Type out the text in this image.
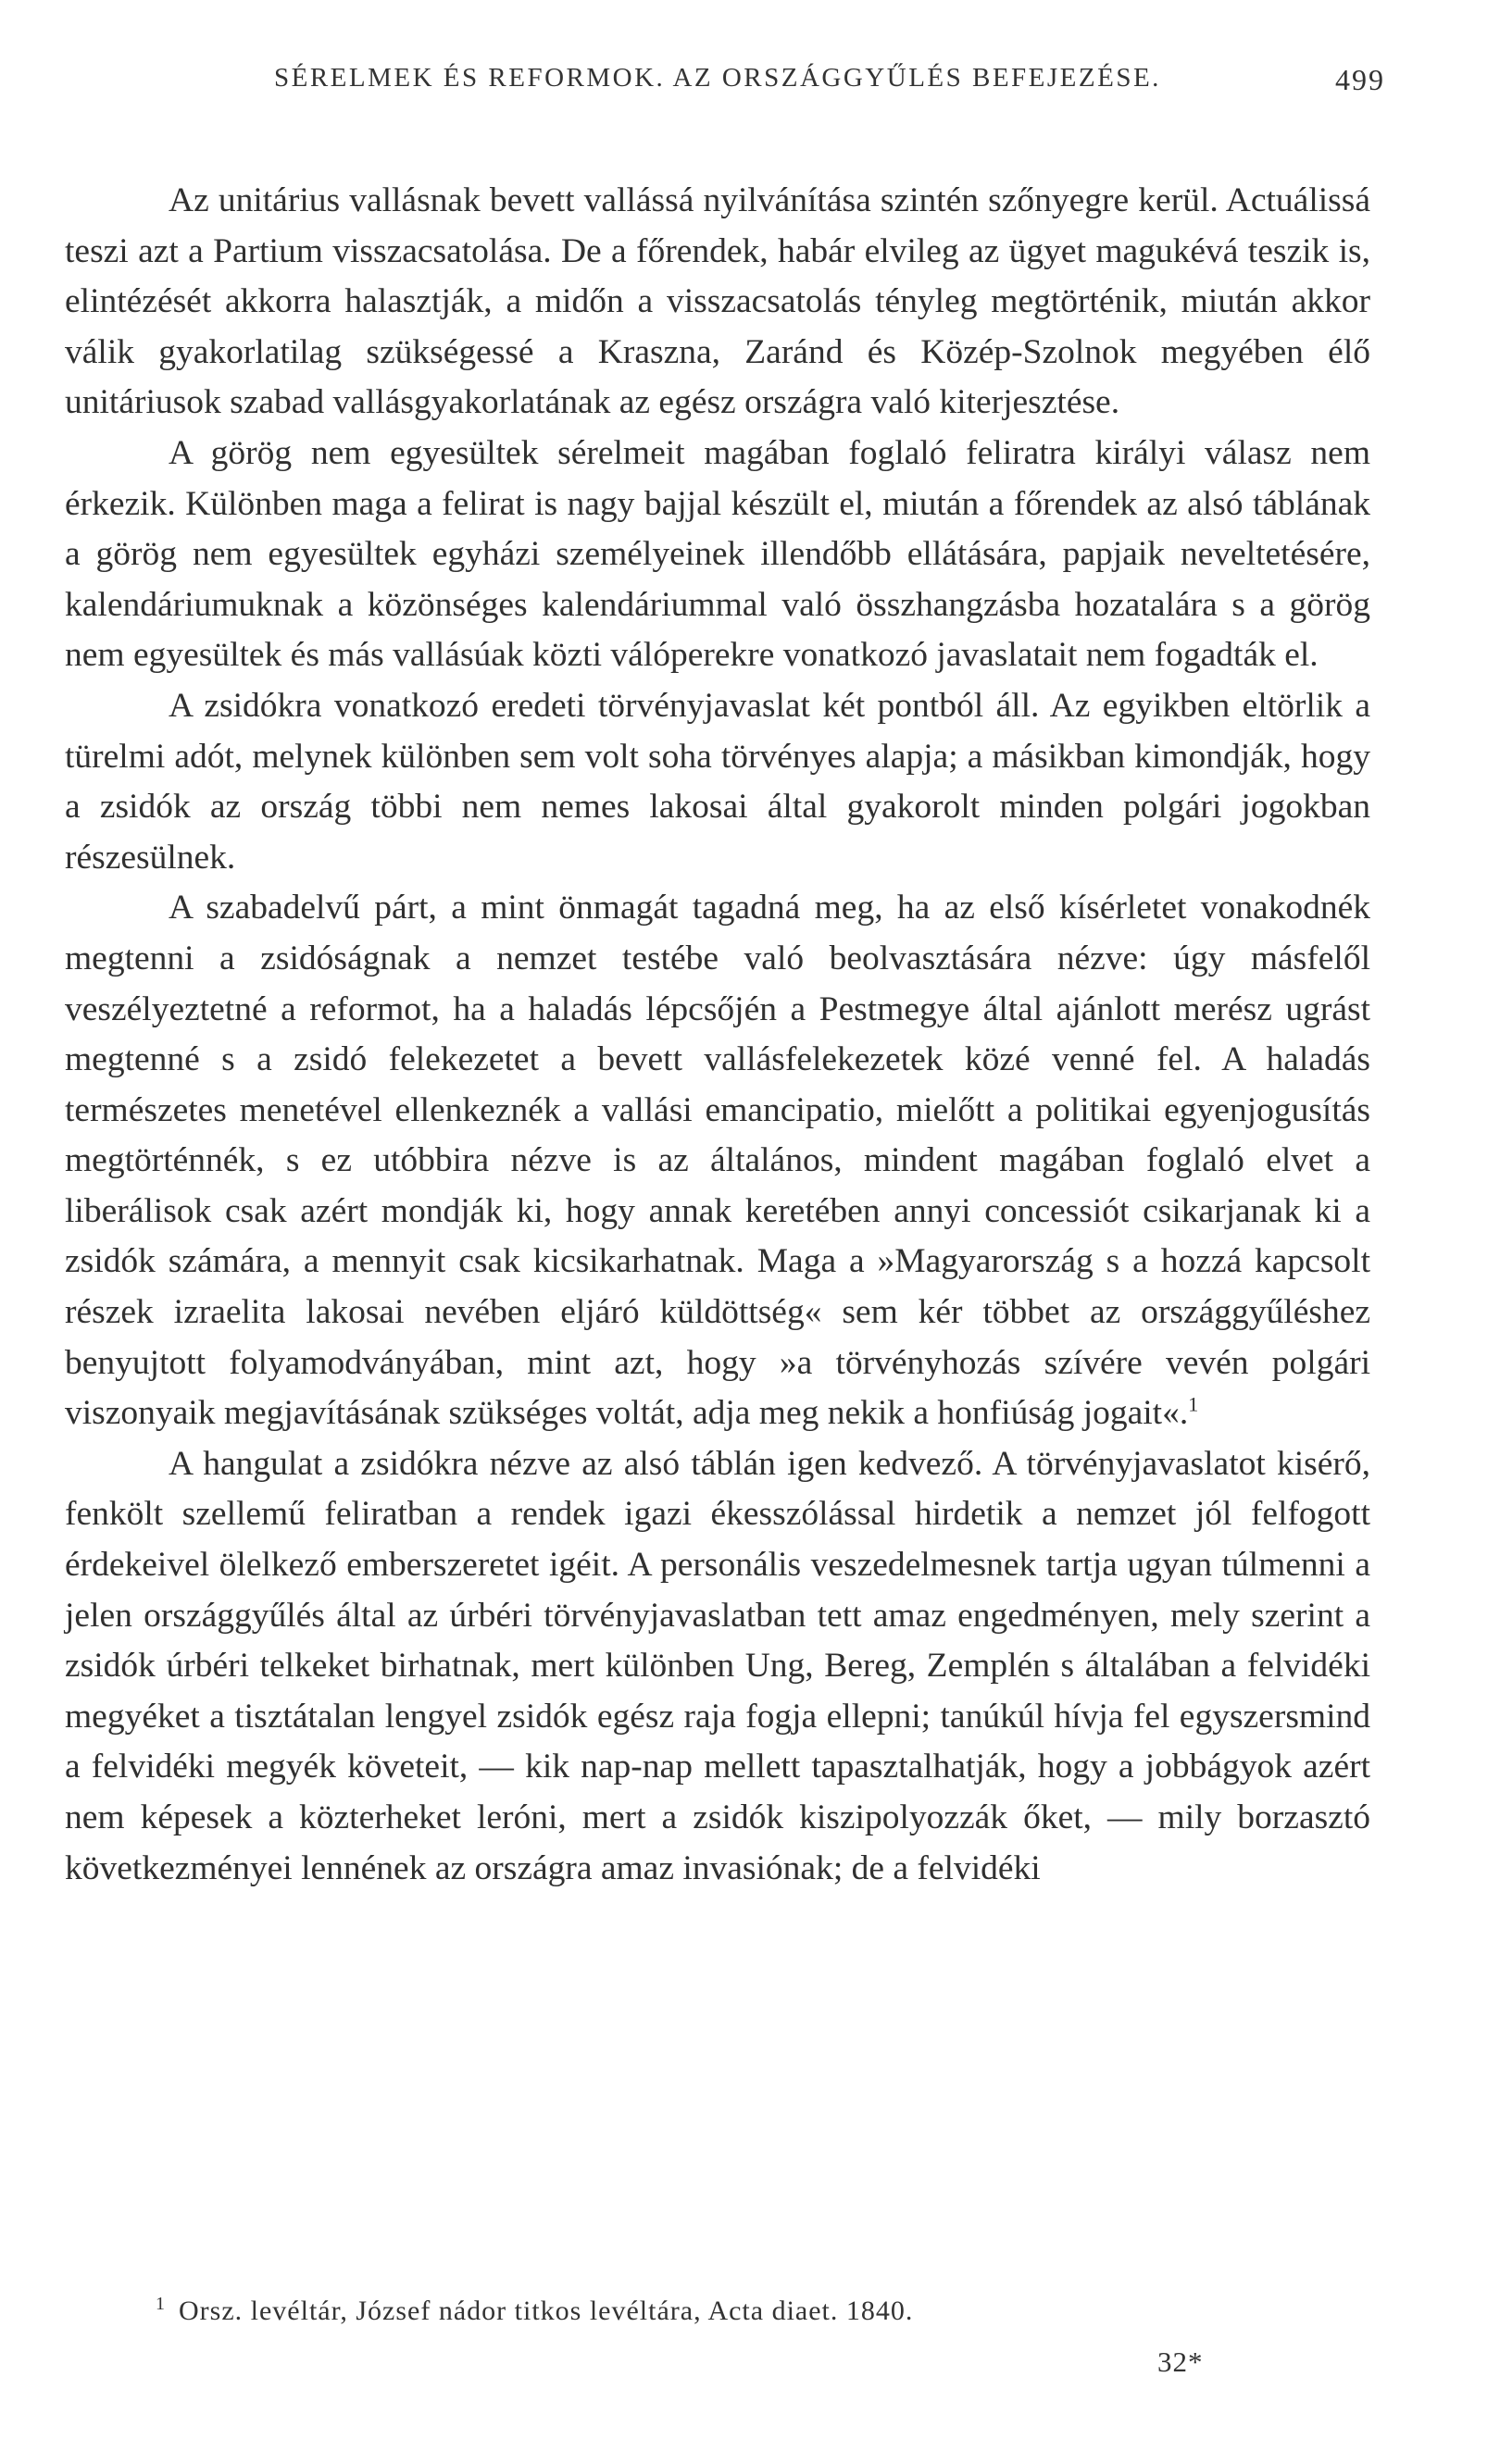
SÉRELMEK ÉS REFORMOK. AZ ORSZÁGGYŰLÉS BEFEJEZÉSE.	499

Az unitárius vallásnak bevett vallássá nyilvánítása szintén szőnyegre kerül. Actuálissá teszi azt a Partium visszacsatolása. De a főrendek, habár elvileg az ügyet magukévá teszik is, elintézését akkorra halasztják, a midőn a visszacsatolás tényleg megtörténik, miután akkor válik gyakorlatilag szükségessé a Kraszna, Zaránd és Közép-Szolnok megyében élő unitáriusok szabad vallásgyakorlatának az egész országra való kiterjesztése.

A görög nem egyesültek sérelmeit magában foglaló feliratra királyi válasz nem érkezik. Különben maga a felirat is nagy bajjal készült el, miután a főrendek az alsó táblának a görög nem egyesültek egyházi személyeinek illendőbb ellátására, papjaik neveltetésére, kalendáriumuknak a közönséges kalendáriummal való összhangzásba hozatalára s a görög nem egyesültek és más vallásúak közti válóperekre vonatkozó javaslatait nem fogadták el.

A zsidókra vonatkozó eredeti törvényjavaslat két pontból áll. Az egyikben eltörlik a türelmi adót, melynek különben sem volt soha törvényes alapja; a másikban kimondják, hogy a zsidók az ország többi nem nemes lakosai által gyakorolt minden polgári jogokban részesülnek.

A szabadelvű párt, a mint önmagát tagadná meg, ha az első kísérletet vonakodnék megtenni a zsidóságnak a nemzet testébe való beolvasztására nézve: úgy másfelől veszélyeztetné a reformot, ha a haladás lépcsőjén a Pestmegye által ajánlott merész ugrást megtenné s a zsidó felekezetet a bevett vallásfelekezetek közé venné fel. A haladás természetes menetével ellenkeznék a vallási emancipatio, mielőtt a politikai egyenjogusítás megtörténnék, s ez utóbbira nézve is az általános, mindent magában foglaló elvet a liberálisok csak azért mondják ki, hogy annak keretében annyi concessiót csikarjanak ki a zsidók számára, a mennyit csak kicsikarhatnak. Maga a »Magyarország s a hozzá kapcsolt részek izraelita lakosai nevében eljáró küldöttség« sem kér többet az országgyűléshez benyujtott folyamodványában, mint azt, hogy »a törvényhozás szívére vevén polgári viszonyaik megjavításának szükséges voltát, adja meg nekik a honfiúság jogait«.$^1$

A hangulat a zsidókra nézve az alsó táblán igen kedvező. A törvényjavaslatot kisérő, fenkölt szellemű feliratban a rendek igazi ékesszólással hirdetik a nemzet jól felfogott érdekeivel ölelkező emberszeretet igéit. A personális veszedelmesnek tartja ugyan túlmenni a jelen országgyűlés által az úrbéri törvényjavaslatban tett amaz engedményen, mely szerint a zsidók úrbéri telkeket birhatnak, mert különben Ung, Bereg, Zemplén s általában a felvidéki megyéket a tisztátalan lengyel zsidók egész raja fogja ellepni; tanúkúl hívja fel egyszersmind a felvidéki megyék követeit, — kik nap-nap mellett tapasztalhatják, hogy a jobbágyok azért nem képesek a közterheket leróni, mert a zsidók kiszipolyozzák őket, — mily borzasztó következményei lennének az országra amaz invasiónak; de a felvidéki

$^1$ Orsz. levéltár, József nádor titkos levéltára, Acta diaet. 1840.
32*
